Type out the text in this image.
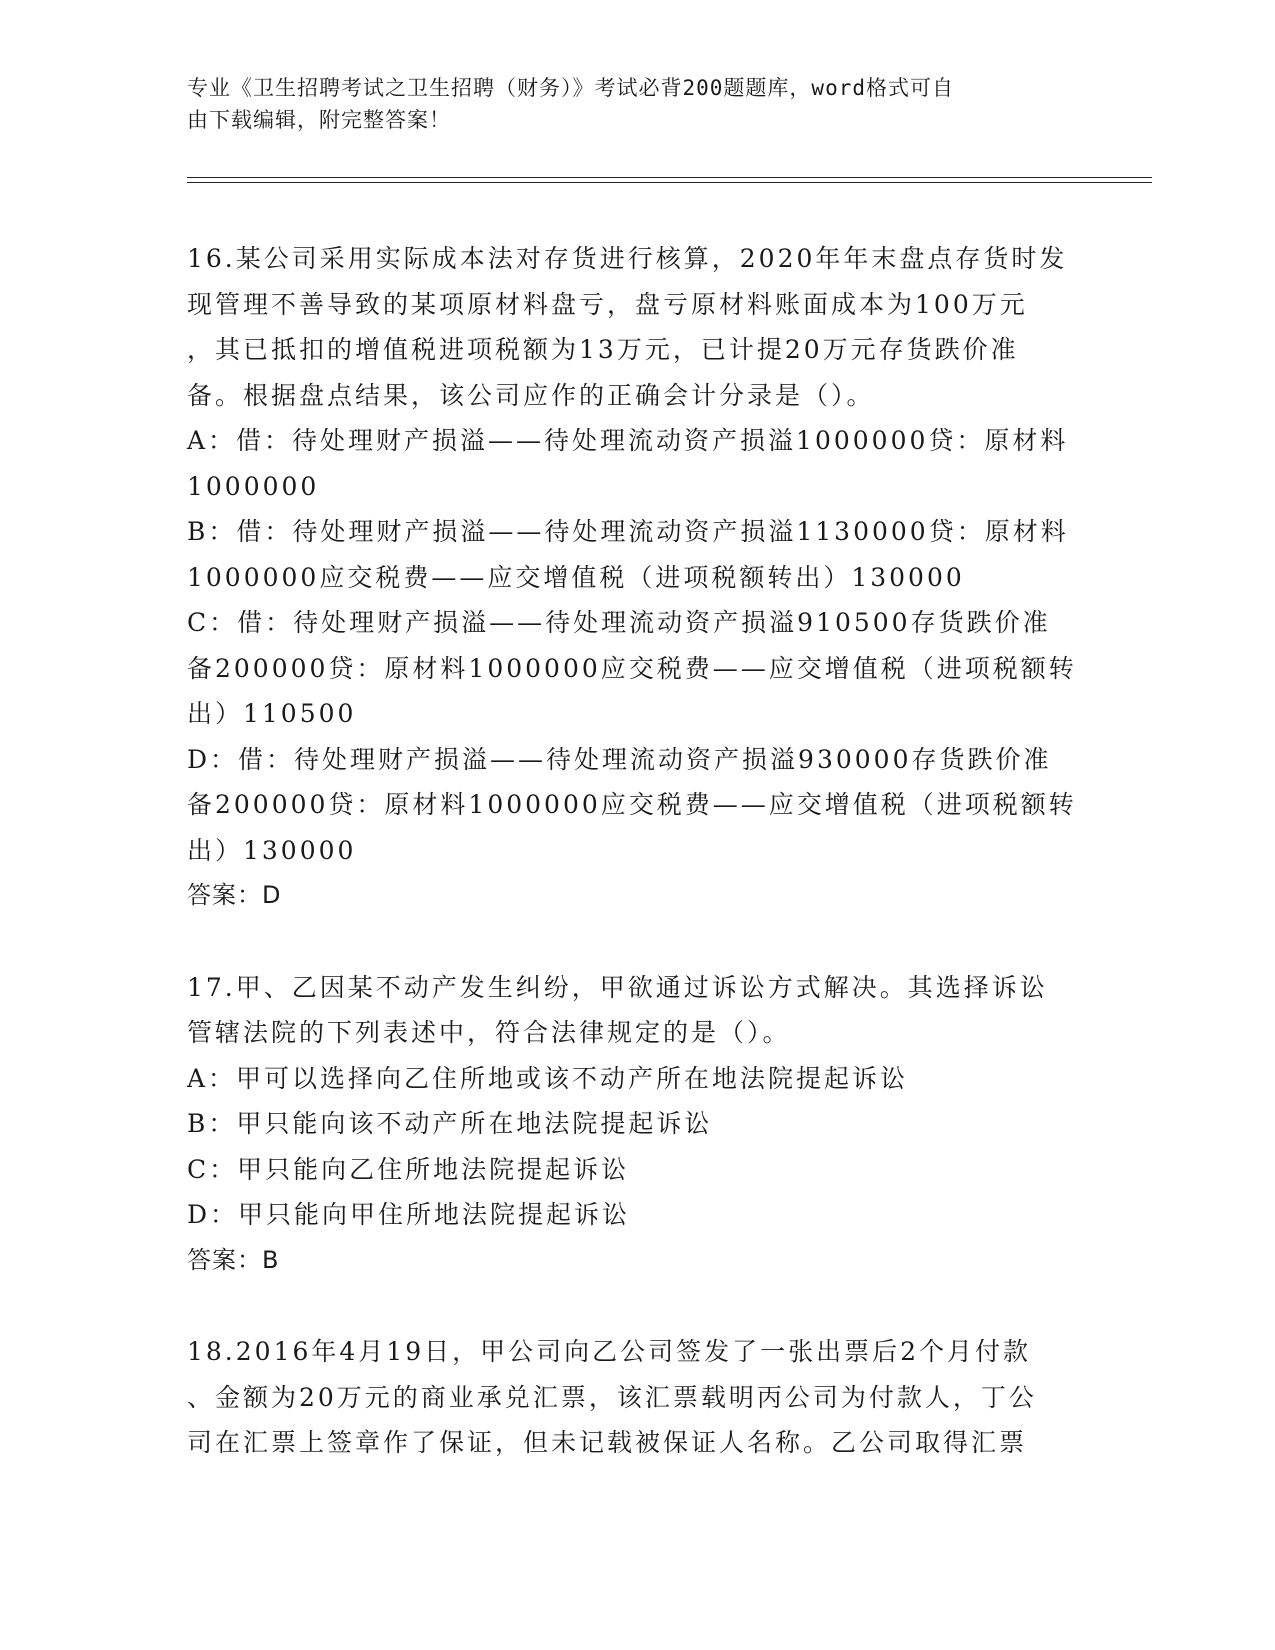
专业《卫生招聘考试之卫生招聘（财务）》考试必背200题题库，word格式可自
由下载编辑，附完整答案！
16.某公司采用实际成本法对存货进行核算，2020年年末盘点存货时发
现管理不善导致的某项原材料盘亏，盘亏原材料账面成本为100万元
，其已抵扣的增值税进项税额为13万元，已计提20万元存货跌价准
备。根据盘点结果，该公司应作的正确会计分录是（）。
A：借：待处理财产损溢——待处理流动资产损溢1000000贷：原材料
1000000
B：借：待处理财产损溢——待处理流动资产损溢1130000贷：原材料
1000000应交税费——应交增值税（进项税额转出）130000
C：借：待处理财产损溢——待处理流动资产损溢910500存货跌价准
备200000贷：原材料1000000应交税费——应交增值税（进项税额转
出）110500
D：借：待处理财产损溢——待处理流动资产损溢930000存货跌价准
备200000贷：原材料1000000应交税费——应交增值税（进项税额转
出）130000
答案：D
17.甲、乙因某不动产发生纠纷，甲欲通过诉讼方式解决。其选择诉讼
管辖法院的下列表述中，符合法律规定的是（）。
A：甲可以选择向乙住所地或该不动产所在地法院提起诉讼
B：甲只能向该不动产所在地法院提起诉讼
C：甲只能向乙住所地法院提起诉讼
D：甲只能向甲住所地法院提起诉讼
答案：B
18.2016年4月19日，甲公司向乙公司签发了一张出票后2个月付款
、金额为20万元的商业承兑汇票，该汇票载明丙公司为付款人，丁公
司在汇票上签章作了保证，但未记载被保证人名称。乙公司取得汇票
